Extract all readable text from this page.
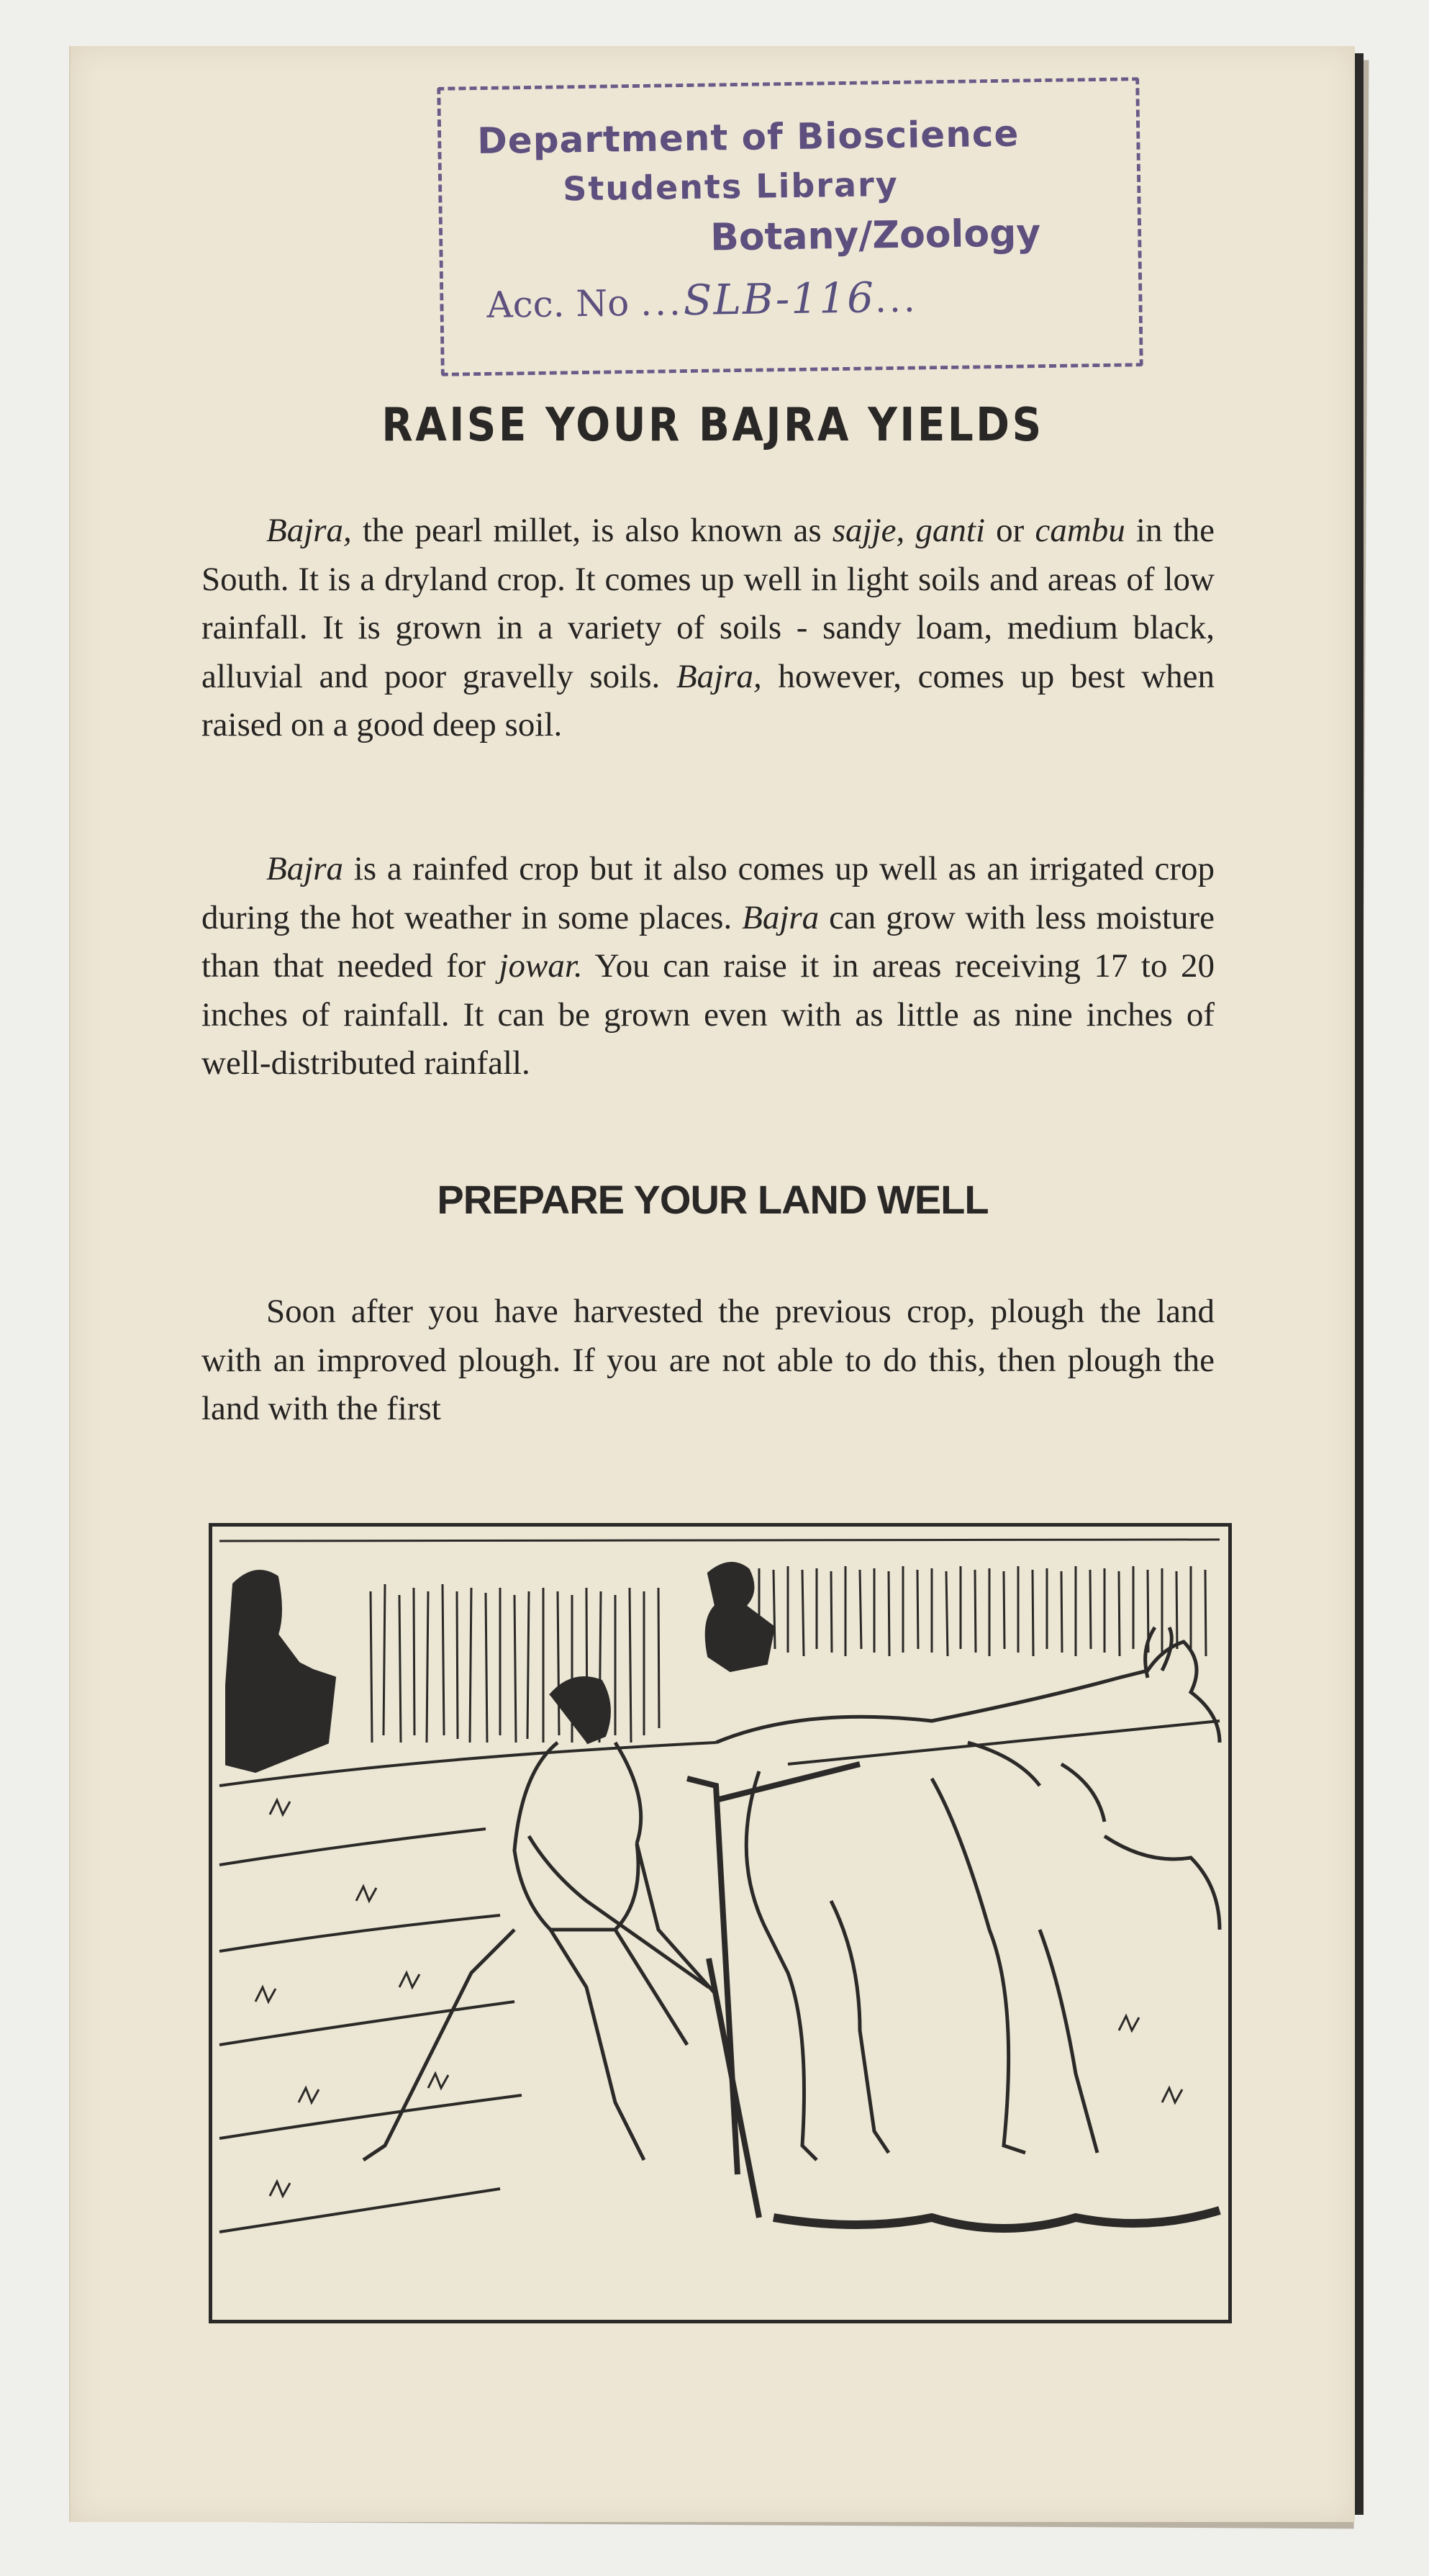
Department of Bioscience
Students Library
Botany/Zoology
Acc. No ...SLB-116...
RAISE YOUR BAJRA YIELDS

Bajra, the pearl millet, is also known as sajje, ganti or cambu in the South. It is a dryland crop. It comes up well in light soils and areas of low rainfall. It is grown in a variety of soils - sandy loam, medium black, alluvial and poor gravelly soils. Bajra, however, comes up best when raised on a good deep soil.

Bajra is a rainfed crop but it also comes up well as an irrigated crop during the hot weather in some places. Bajra can grow with less moisture than that needed for jowar. You can raise it in areas receiving 17 to 20 inches of rainfall. It can be grown even with as little as nine inches of well-distributed rainfall.

PREPARE YOUR LAND WELL

Soon after you have harvested the previous crop, plough the land with an improved plough. If you are not able to do this, then plough the land with the first
